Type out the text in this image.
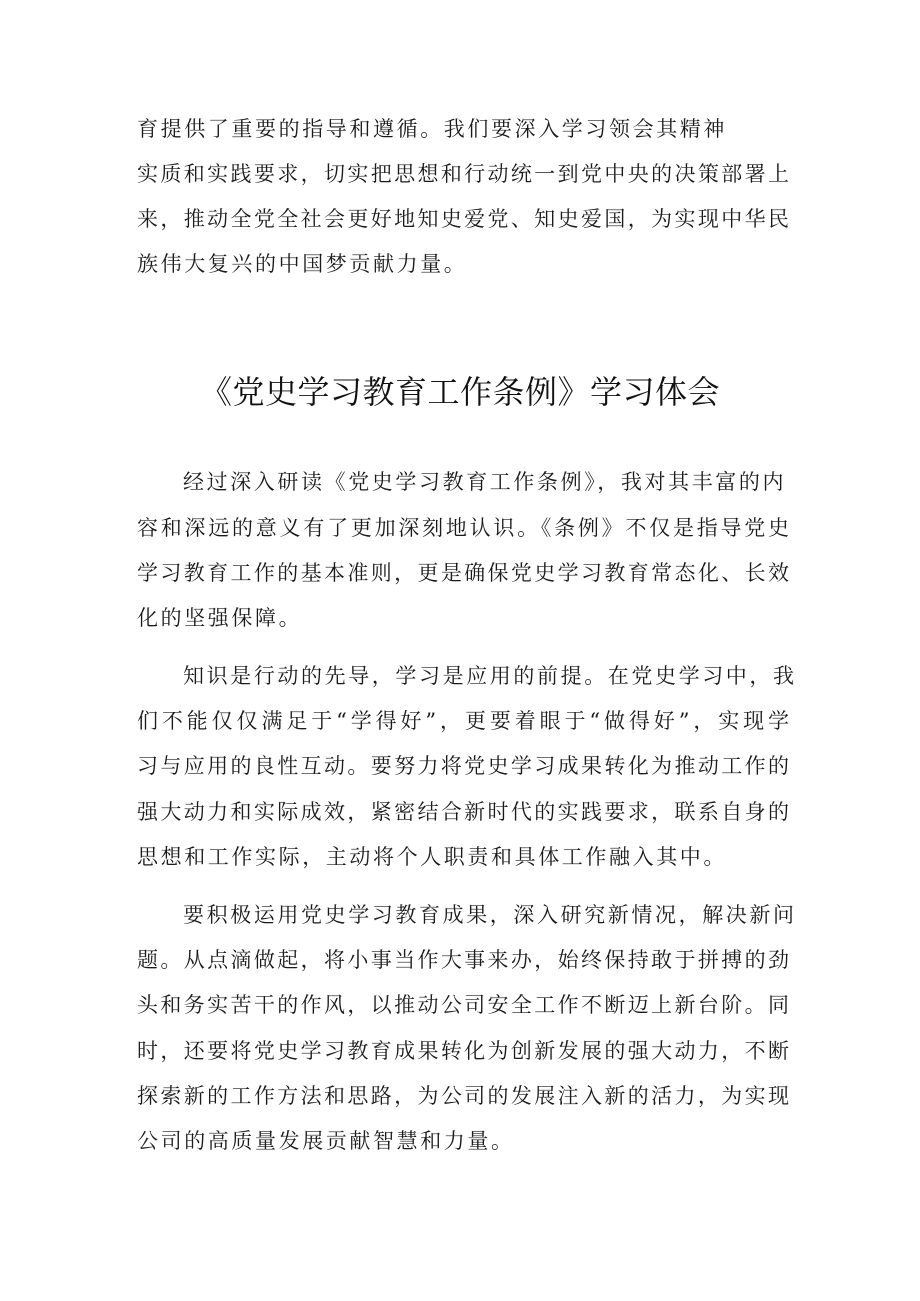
育提供了重要的指导和遵循。我们要深入学习领会其精神
实质和实践要求，切实把思想和行动统一到党中央的决策部署上
来，推动全党全社会更好地知史爱党、知史爱国，为实现中华民
族伟大复兴的中国梦贡献力量。
《党史学习教育工作条例》学习体会
经过深入研读《党史学习教育工作条例》，我对其丰富的内
容和深远的意义有了更加深刻地认识。《条例》不仅是指导党史
学习教育工作的基本准则，更是确保党史学习教育常态化、长效
化的坚强保障。
知识是行动的先导，学习是应用的前提。在党史学习中，我
们不能仅仅满足于“学得好”，更要着眼于“做得好”，实现学
习与应用的良性互动。要努力将党史学习成果转化为推动工作的
强大动力和实际成效，紧密结合新时代的实践要求，联系自身的
思想和工作实际，主动将个人职责和具体工作融入其中。
要积极运用党史学习教育成果，深入研究新情况，解决新问
题。从点滴做起，将小事当作大事来办，始终保持敢于拼搏的劲
头和务实苦干的作风，以推动公司安全工作不断迈上新台阶。同
时，还要将党史学习教育成果转化为创新发展的强大动力，不断
探索新的工作方法和思路，为公司的发展注入新的活力，为实现
公司的高质量发展贡献智慧和力量。
